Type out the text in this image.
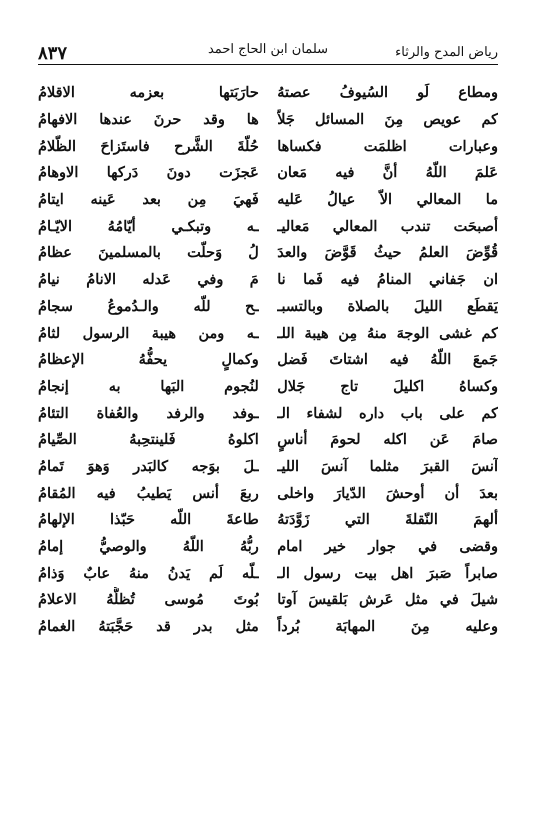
رياض المدح والرثاء
سلمان ابن الحاج احمد
٨٣٧
ومطاع لَو السُيوفُ عصتهُ
حارَبَتها بعزمه الاقلامُ
كم عويص مِنَ المسائل جَلاّ
ها وقد حرنَ عندها الافهامُ
وعبارات اظلمَت فكساها
حُلّةَ الشَّرح فاستَزاحَ الظّلامُ
عَلمَ اللّهُ أنَّ فيه مَعان
عَجزَت دونَ دَركها الاوهامُ
ما المعالي الاّ عيالُ عَليه
فَهيَ مِن بعد عَينه ايتامُ
أصبحَت تندب المعالي مَعاليـ
ـه وتبكـي أيّامُهُ الايّـامُ
قُوِّضَ العلمُ حيثُ قَوَّضَ والعدَ
لُ وَحلّت بالمسلمينَ عظامُ
ان جَفاني المنامُ فيه فَما نا
مَ وفي عَدله الانامُ نيامُ
يَقطَع الليلَ بالصلاة وبالتسبـ
ـح للّه والـدُموعُ سجامُ
كم غشى الوجهَ منهُ مِن هيبة اللـ
ـه ومن هيبة الرسول لثامُ
جَمعَ اللّهُ فيه اشتاتَ فَضل
وكمالٍ يحفُّهُ الإعظامُ
وكساهُ اكليلَ تاج جَلال
لنُجوم البَها به إنجامُ
كم على باب داره لشفاء الـ
ـوفد والرفد والعُفاة التئامُ
صامَ عَن اكله لحومَ أناسٍ
اكلوهُ فَلينتحِبهُ الصِّيامُ
آنسَ القبرَ مثلما آنسَ الليـ
ـلَ بوَجه كالبَدر وَهوَ تَمامُ
بعدَ أن أوحشَ الدّيارَ واخلى
ربعَ أنس يَطيبُ فيه المُقامُ
ألهمَ النّقلةَ التي زَوَّدَتهُ
طاعةَ اللّه حَبّذا الإلهامُ
وقضى في جوار خير امام
ربُّهُ اللّهُ والوصيُّ إمامُ
صابراً صَبرَ اهل بيت رسول الـ
ـلّه لَم يَدنُ منهُ عابٌ وَذامُ
شيلَ في مثل عَرش بَلقيسَ آوتا
بُوتَ مُوسى تُظلُّهُ الاعلامُ
وعليه مِنَ المهابَة بُرداً
مثل بدر قد حَجَّبَتهُ الغمامُ
